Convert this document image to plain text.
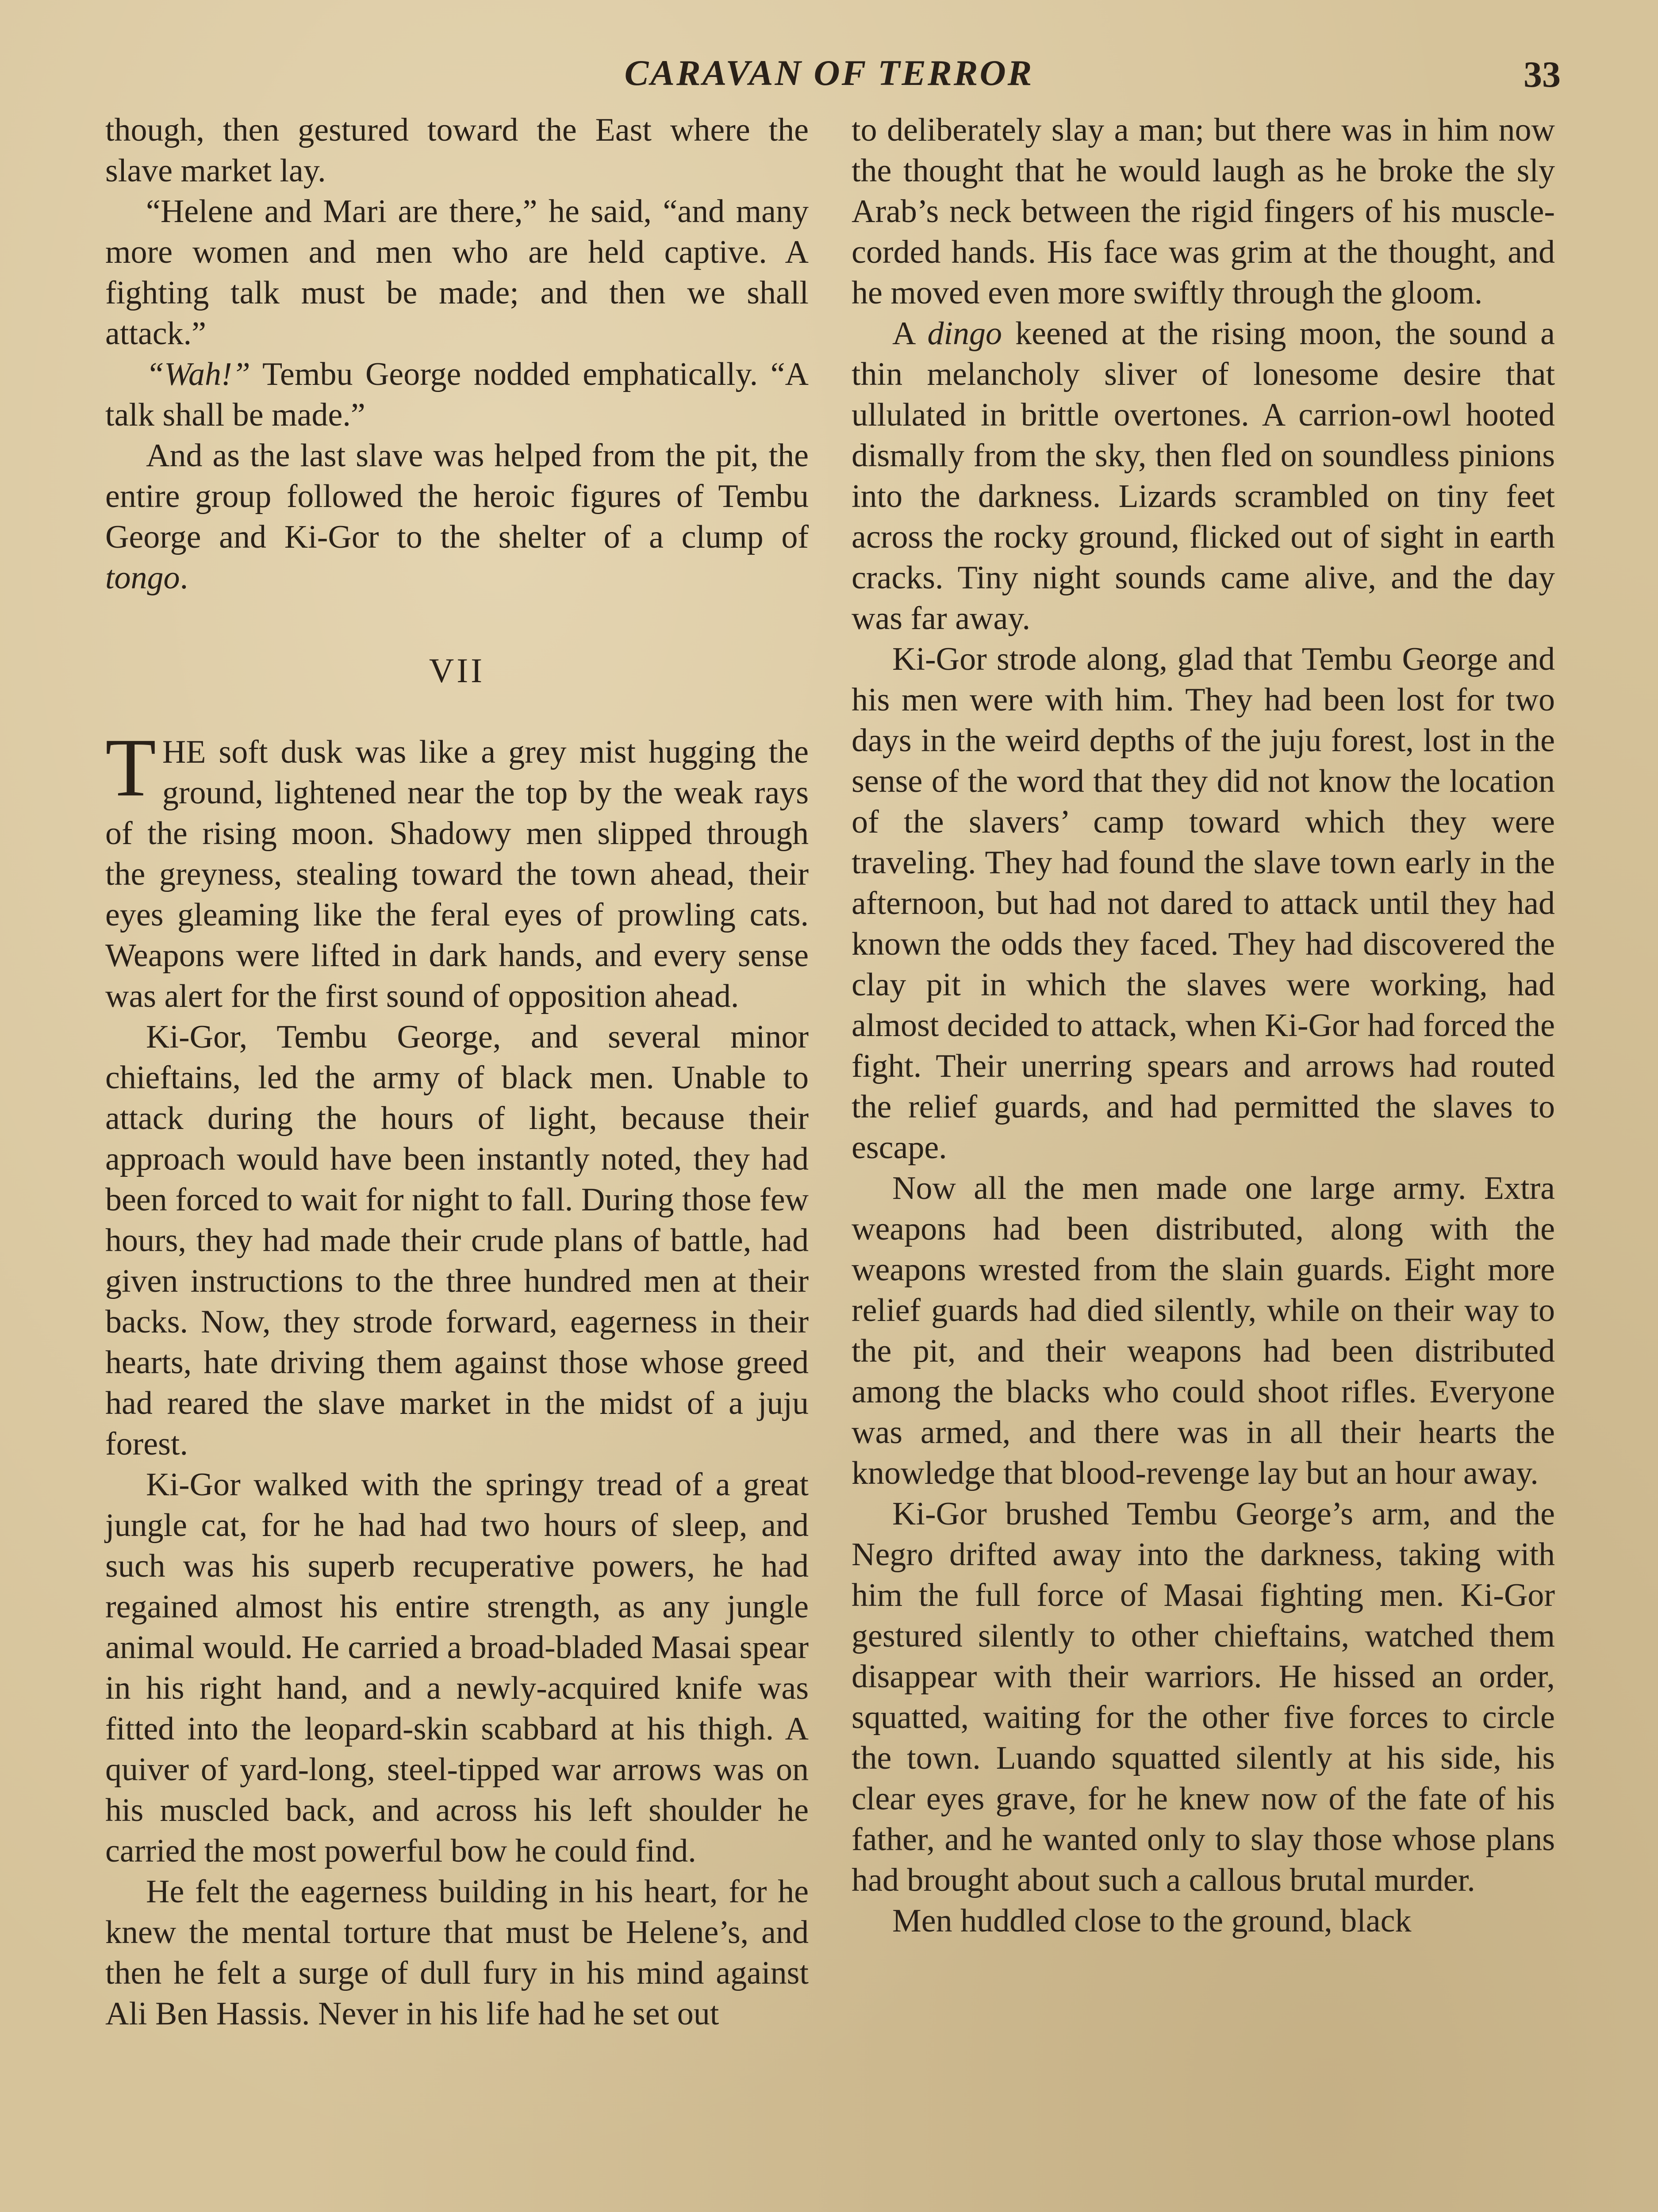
CARAVAN OF TERROR	33

though, then gestured toward the East where the slave market lay.

“Helene and Mari are there,” he said, “and many more women and men who are held captive. A fighting talk must be made; and then we shall attack.”

“Wah!” Tembu George nodded emphatically. “A talk shall be made.”

And as the last slave was helped from the pit, the entire group followed the heroic figures of Tembu George and Ki-Gor to the shelter of a clump of tongo.

VII

THE soft dusk was like a grey mist hugging the ground, lightened near the top by the weak rays of the rising moon. Shadowy men slipped through the greyness, stealing toward the town ahead, their eyes gleaming like the feral eyes of prowling cats. Weapons were lifted in dark hands, and every sense was alert for the first sound of opposition ahead.

Ki-Gor, Tembu George, and several minor chieftains, led the army of black men. Unable to attack during the hours of light, because their approach would have been instantly noted, they had been forced to wait for night to fall. During those few hours, they had made their crude plans of battle, had given instructions to the three hundred men at their backs. Now, they strode forward, eagerness in their hearts, hate driving them against those whose greed had reared the slave market in the midst of a juju forest.

Ki-Gor walked with the springy tread of a great jungle cat, for he had had two hours of sleep, and such was his superb recuperative powers, he had regained almost his entire strength, as any jungle animal would. He carried a broad-bladed Masai spear in his right hand, and a newly-acquired knife was fitted into the leopard-skin scabbard at his thigh. A quiver of yard-long, steel-tipped war arrows was on his muscled back, and across his left shoulder he carried the most powerful bow he could find.

He felt the eagerness building in his heart, for he knew the mental torture that must be Helene’s, and then he felt a surge of dull fury in his mind against Ali Ben Hassis. Never in his life had he set out

to deliberately slay a man; but there was in him now the thought that he would laugh as he broke the sly Arab’s neck between the rigid fingers of his muscle-corded hands. His face was grim at the thought, and he moved even more swiftly through the gloom.

A dingo keened at the rising moon, the sound a thin melancholy sliver of lonesome desire that ullulated in brittle overtones. A carrion-owl hooted dismally from the sky, then fled on soundless pinions into the darkness. Lizards scrambled on tiny feet across the rocky ground, flicked out of sight in earth cracks. Tiny night sounds came alive, and the day was far away.

Ki-Gor strode along, glad that Tembu George and his men were with him. They had been lost for two days in the weird depths of the juju forest, lost in the sense of the word that they did not know the location of the slavers’ camp toward which they were traveling. They had found the slave town early in the afternoon, but had not dared to attack until they had known the odds they faced. They had discovered the clay pit in which the slaves were working, had almost decided to attack, when Ki-Gor had forced the fight. Their unerring spears and arrows had routed the relief guards, and had permitted the slaves to escape.

Now all the men made one large army. Extra weapons had been distributed, along with the weapons wrested from the slain guards. Eight more relief guards had died silently, while on their way to the pit, and their weapons had been distributed among the blacks who could shoot rifles. Everyone was armed, and there was in all their hearts the knowledge that blood-revenge lay but an hour away.

Ki-Gor brushed Tembu George’s arm, and the Negro drifted away into the darkness, taking with him the full force of Masai fighting men. Ki-Gor gestured silently to other chieftains, watched them disappear with their warriors. He hissed an order, squatted, waiting for the other five forces to circle the town. Luando squatted silently at his side, his clear eyes grave, for he knew now of the fate of his father, and he wanted only to slay those whose plans had brought about such a callous brutal murder.

Men huddled close to the ground, black
